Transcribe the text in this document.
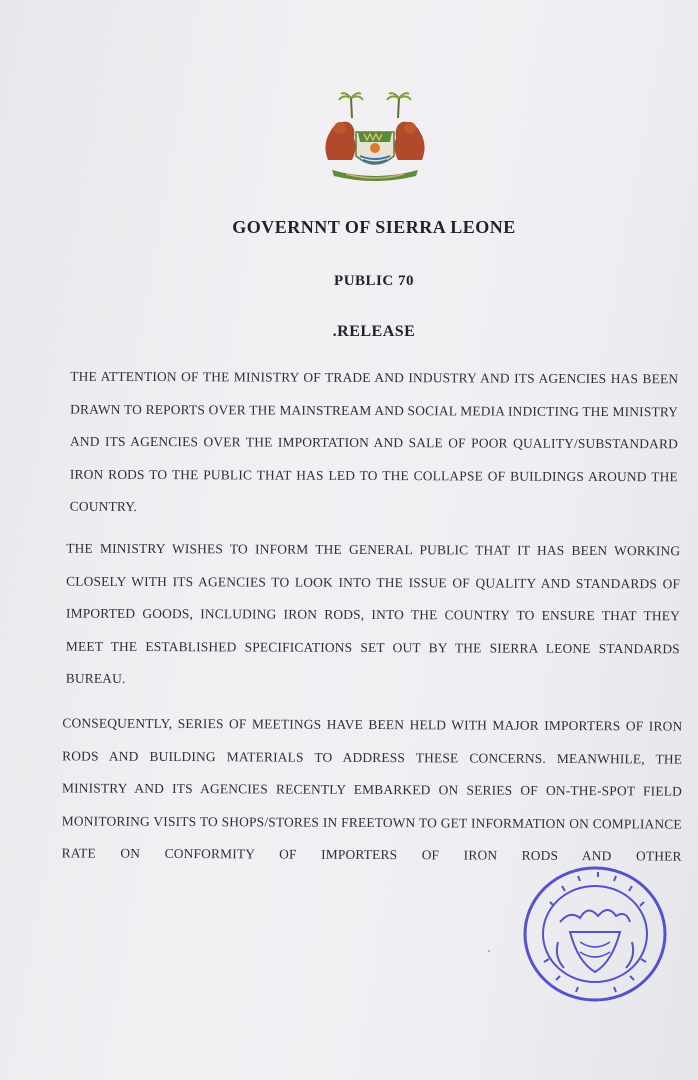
GOVERNNT OF SIERRA LEONE
PUBLIC 70
.RELEASE
THE ATTENTION OF THE MINISTRY OF TRADE AND INDUSTRY AND ITS AGENCIES HAS BEEN DRAWN TO REPORTS OVER THE MAINSTREAM AND SOCIAL MEDIA INDICTING THE MINISTRY AND ITS AGENCIES OVER THE IMPORTATION AND SALE OF POOR QUALITY/SUBSTANDARD IRON RODS TO THE PUBLIC THAT HAS LED TO THE COLLAPSE OF BUILDINGS AROUND THE COUNTRY.
THE MINISTRY WISHES TO INFORM THE GENERAL PUBLIC THAT IT HAS BEEN WORKING CLOSELY WITH ITS AGENCIES TO LOOK INTO THE ISSUE OF QUALITY AND STANDARDS OF IMPORTED GOODS, INCLUDING IRON RODS, INTO THE COUNTRY TO ENSURE THAT THEY MEET THE ESTABLISHED SPECIFICATIONS SET OUT BY THE SIERRA LEONE STANDARDS BUREAU.
CONSEQUENTLY, SERIES OF MEETINGS HAVE BEEN HELD WITH MAJOR IMPORTERS OF IRON RODS AND BUILDING MATERIALS TO ADDRESS THESE CONCERNS. MEANWHILE, THE MINISTRY AND ITS AGENCIES RECENTLY EMBARKED ON SERIES OF ON-THE-SPOT FIELD MONITORING VISITS TO SHOPS/STORES IN FREETOWN TO GET INFORMATION ON COMPLIANCE RATE ON CONFORMITY OF IMPORTERS OF IRON RODS AND OTHER
